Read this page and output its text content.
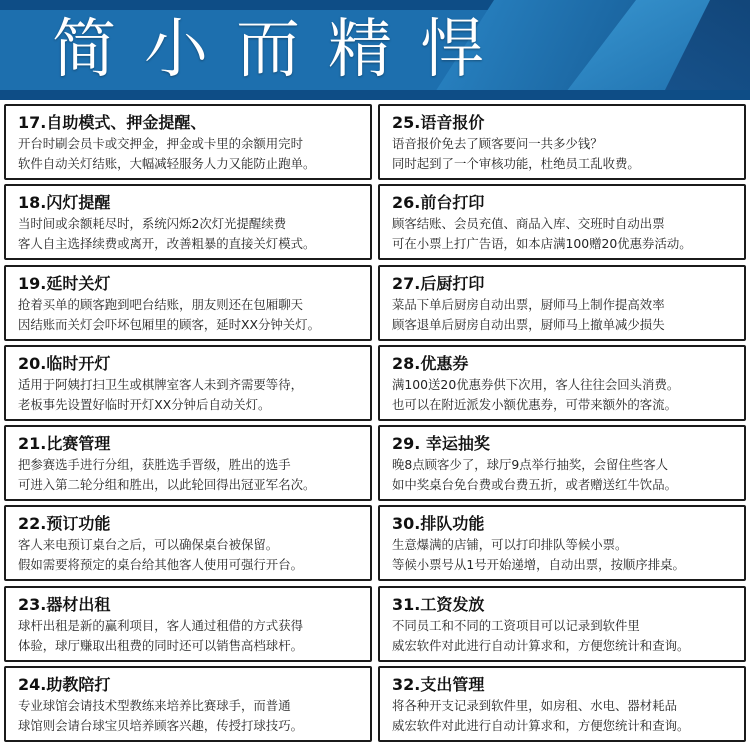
简小而精悍
17.自助模式、押金提醒、
开台时刷会员卡或交押金，押金或卡里的余额用完时
软件自动关灯结账，大幅减轻服务人力又能防止跑单。
25.语音报价
语音报价免去了顾客要问一共多少钱？
同时起到了一个审核功能，杜绝员工乱收费。
18.闪灯提醒
当时间或余额耗尽时，系统闪烁2次灯光提醒续费
客人自主选择续费或离开，改善粗暴的直接关灯模式。
26.前台打印
顾客结账、会员充值、商品入库、交班时自动出票
可在小票上打广告语，如本店满100赠20优惠券活动。
19.延时关灯
抢着买单的顾客跑到吧台结账，朋友则还在包厢聊天
因结账而关灯会吓坏包厢里的顾客，延时XX分钟关灯。
27.后厨打印
菜品下单后厨房自动出票，厨师马上制作提高效率
顾客退单后厨房自动出票，厨师马上撤单减少损失
20.临时开灯
适用于阿姨打扫卫生或棋牌室客人未到齐需要等待，
老板事先设置好临时开灯XX分钟后自动关灯。
28.优惠券
满100送20优惠券供下次用，客人往往会回头消费。
也可以在附近派发小额优惠券，可带来额外的客流。
21.比赛管理
把参赛选手进行分组，获胜选手晋级，胜出的选手
可进入第二轮分组和胜出，以此轮回得出冠亚军名次。
29. 幸运抽奖
晚8点顾客少了，球厅9点举行抽奖，会留住些客人
如中奖桌台免台费或台费五折，或者赠送红牛饮品。
22.预订功能
客人来电预订桌台之后，可以确保桌台被保留。
假如需要将预定的桌台给其他客人使用可强行开台。
30.排队功能
生意爆满的店铺，可以打印排队等候小票。
等候小票号从1号开始递增，自动出票，按顺序排桌。
23.器材出租
球杆出租是新的赢利项目，客人通过租借的方式获得
体验，球厅赚取出租费的同时还可以销售高档球杆。
31.工资发放
不同员工和不同的工资项目可以记录到软件里
威宏软件对此进行自动计算求和，方便您统计和查询。
24.助教陪打
专业球馆会请技术型教练来培养比赛球手，而普通
球馆则会请台球宝贝培养顾客兴趣，传授打球技巧。
32.支出管理
将各种开支记录到软件里，如房租、水电、器材耗品
威宏软件对此进行自动计算求和，方便您统计和查询。
